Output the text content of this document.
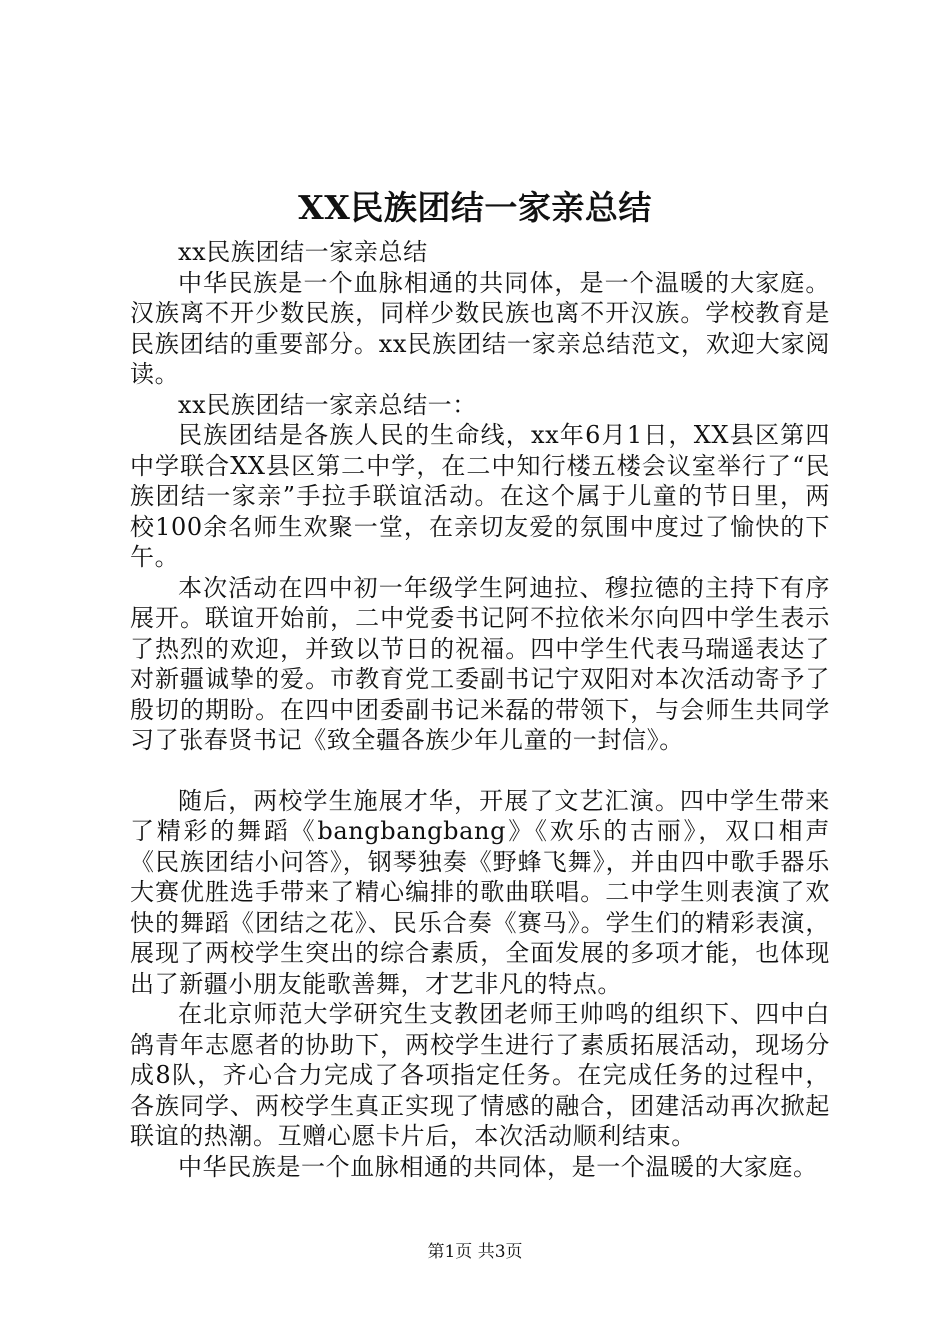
XX民族团结一家亲总结

xx民族团结一家亲总结

中华民族是一个血脉相通的共同体，是一个温暖的大家庭。汉族离不开少数民族，同样少数民族也离不开汉族。学校教育是民族团结的重要部分。xx民族团结一家亲总结范文，欢迎大家阅读。

xx民族团结一家亲总结一：

民族团结是各族人民的生命线，xx年6月1日，XX县区第四中学联合XX县区第二中学，在二中知行楼五楼会议室举行了“民族团结一家亲”手拉手联谊活动。在这个属于儿童的节日里，两校100余名师生欢聚一堂，在亲切友爱的氛围中度过了愉快的下午。

本次活动在四中初一年级学生阿迪拉、穆拉德的主持下有序展开。联谊开始前，二中党委书记阿不拉依米尔向四中学生表示了热烈的欢迎，并致以节日的祝福。四中学生代表马瑞遥表达了对新疆诚挚的爱。市教育党工委副书记宁双阳对本次活动寄予了殷切的期盼。在四中团委副书记米磊的带领下，与会师生共同学习了张春贤书记《致全疆各族少年儿童的一封信》。

随后，两校学生施展才华，开展了文艺汇演。四中学生带来了精彩的舞蹈《bangbangbang》《欢乐的古丽》，双口相声《民族团结小问答》，钢琴独奏《野蜂飞舞》，并由四中歌手器乐大赛优胜选手带来了精心编排的歌曲联唱。二中学生则表演了欢快的舞蹈《团结之花》、民乐合奏《赛马》。学生们的精彩表演，展现了两校学生突出的综合素质，全面发展的多项才能，也体现出了新疆小朋友能歌善舞，才艺非凡的特点。

在北京师范大学研究生支教团老师王帅鸣的组织下、四中白鸽青年志愿者的协助下，两校学生进行了素质拓展活动，现场分成8队，齐心合力完成了各项指定任务。在完成任务的过程中，各族同学、两校学生真正实现了情感的融合，团建活动再次掀起联谊的热潮。互赠心愿卡片后，本次活动顺利结束。

中华民族是一个血脉相通的共同体，是一个温暖的大家庭。

第1页 共3页
